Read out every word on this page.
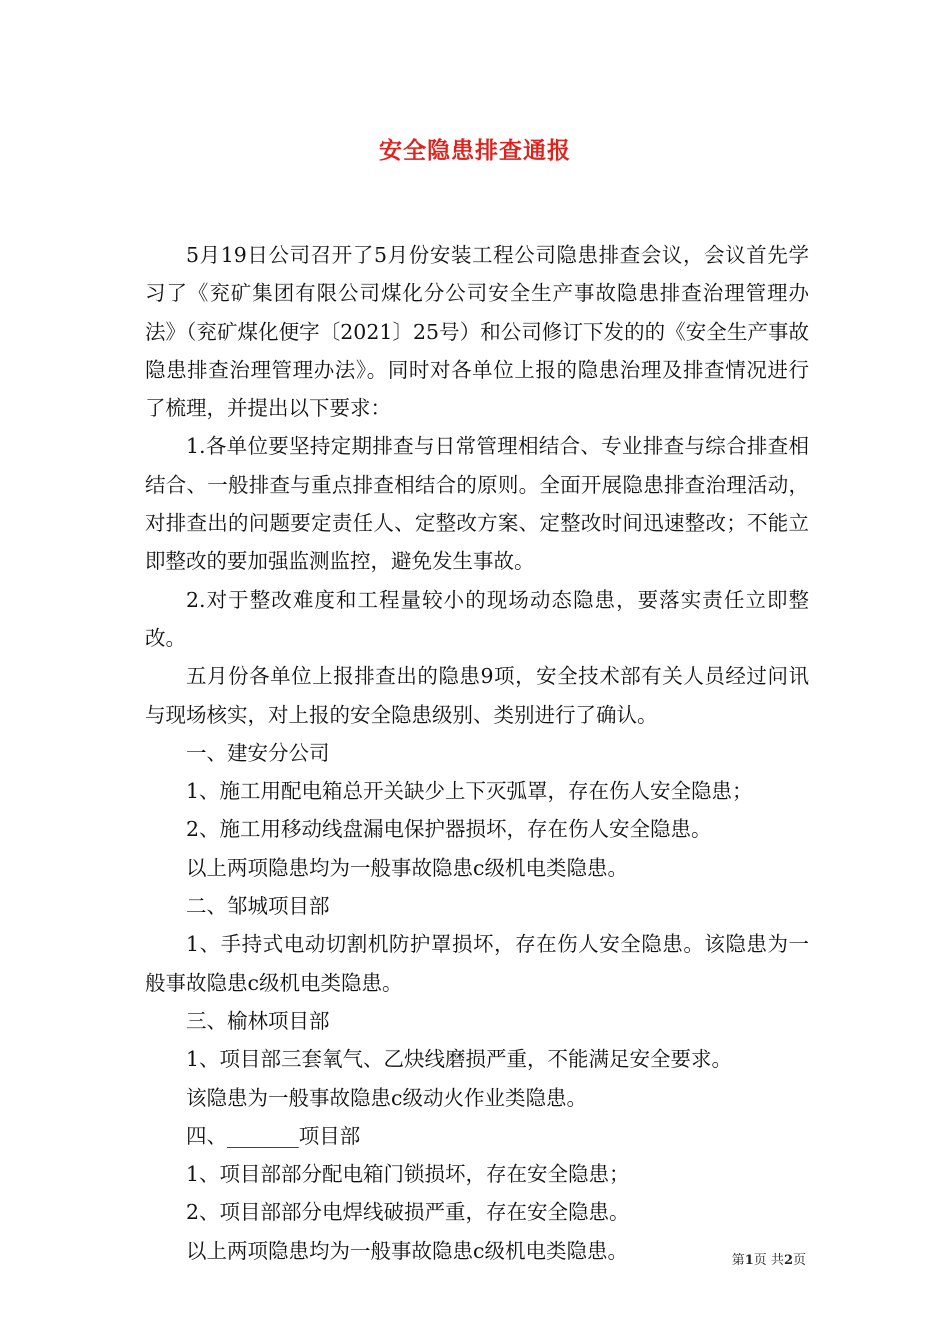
安全隐患排查通报

5月19日公司召开了5月份安装工程公司隐患排查会议，会议首先学习了《兖矿集团有限公司煤化分公司安全生产事故隐患排查治理管理办法》（兖矿煤化便字〔2021〕25号）和公司修订下发的的《安全生产事故隐患排查治理管理办法》。同时对各单位上报的隐患治理及排查情况进行了梳理，并提出以下要求：

1.各单位要坚持定期排查与日常管理相结合、专业排查与综合排查相结合、一般排查与重点排查相结合的原则。全面开展隐患排查治理活动，对排查出的问题要定责任人、定整改方案、定整改时间迅速整改；不能立即整改的要加强监测监控，避免发生事故。

2.对于整改难度和工程量较小的现场动态隐患，要落实责任立即整改。

五月份各单位上报排查出的隐患9项，安全技术部有关人员经过问讯与现场核实，对上报的安全隐患级别、类别进行了确认。

一、建安分公司

1、施工用配电箱总开关缺少上下灭弧罩，存在伤人安全隐患；

2、施工用移动线盘漏电保护器损坏，存在伤人安全隐患。

以上两项隐患均为一般事故隐患c级机电类隐患。

二、邹城项目部

1、手持式电动切割机防护罩损坏，存在伤人安全隐患。该隐患为一般事故隐患c级机电类隐患。

三、榆林项目部

1、项目部三套氧气、乙炔线磨损严重，不能满足安全要求。

该隐患为一般事故隐患c级动火作业类隐患。

四、_______项目部

1、项目部部分配电箱门锁损坏，存在安全隐患；

2、项目部部分电焊线破损严重，存在安全隐患。

以上两项隐患均为一般事故隐患c级机电类隐患。	第1页 共2页
